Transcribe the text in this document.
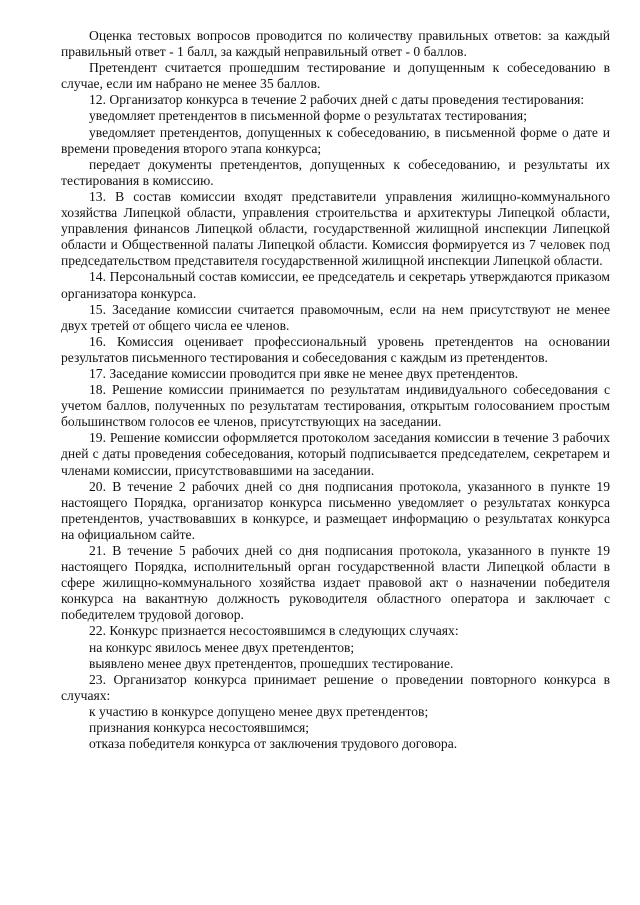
Оценка тестовых вопросов проводится по количеству правильных ответов: за каждый правильный ответ - 1 балл, за каждый неправильный ответ - 0 баллов.

Претендент считается прошедшим тестирование и допущенным к собеседованию в случае, если им набрано не менее 35 баллов.

12. Организатор конкурса в течение 2 рабочих дней с даты проведения тестирования:

уведомляет претендентов в письменной форме о результатах тестирования;

уведомляет претендентов, допущенных к собеседованию, в письменной форме о дате и времени проведения второго этапа конкурса;

передает документы претендентов, допущенных к собеседованию, и результаты их тестирования в комиссию.

13. В состав комиссии входят представители управления жилищно-коммунального хозяйства Липецкой области, управления строительства и архитектуры Липецкой области, управления финансов Липецкой области, государственной жилищной инспекции Липецкой области и Общественной палаты Липецкой области. Комиссия формируется из 7 человек под председательством представителя государственной жилищной инспекции Липецкой области.

14. Персональный состав комиссии, ее председатель и секретарь утверждаются приказом организатора конкурса.

15. Заседание комиссии считается правомочным, если на нем присутствуют не менее двух третей от общего числа ее членов.

16. Комиссия оценивает профессиональный уровень претендентов на основании результатов письменного тестирования и собеседования с каждым из претендентов.

17. Заседание комиссии проводится при явке не менее двух претендентов.

18. Решение комиссии принимается по результатам индивидуального собеседования с учетом баллов, полученных по результатам тестирования, открытым голосованием простым большинством голосов ее членов, присутствующих на заседании.

19. Решение комиссии оформляется протоколом заседания комиссии в течение 3 рабочих дней с даты проведения собеседования, который подписывается председателем, секретарем и членами комиссии, присутствовавшими на заседании.

20. В течение 2 рабочих дней со дня подписания протокола, указанного в пункте 19 настоящего Порядка, организатор конкурса письменно уведомляет о результатах конкурса претендентов, участвовавших в конкурсе, и размещает информацию о результатах конкурса на официальном сайте.

21. В течение 5 рабочих дней со дня подписания протокола, указанного в пункте 19 настоящего Порядка, исполнительный орган государственной власти Липецкой области в сфере жилищно-коммунального хозяйства издает правовой акт о назначении победителя конкурса на вакантную должность руководителя областного оператора и заключает с победителем трудовой договор.

22. Конкурс признается несостоявшимся в следующих случаях:

на конкурс явилось менее двух претендентов;

выявлено менее двух претендентов, прошедших тестирование.

23. Организатор конкурса принимает решение о проведении повторного конкурса в случаях:

к участию в конкурсе допущено менее двух претендентов;

признания конкурса несостоявшимся;

отказа победителя конкурса от заключения трудового договора.
